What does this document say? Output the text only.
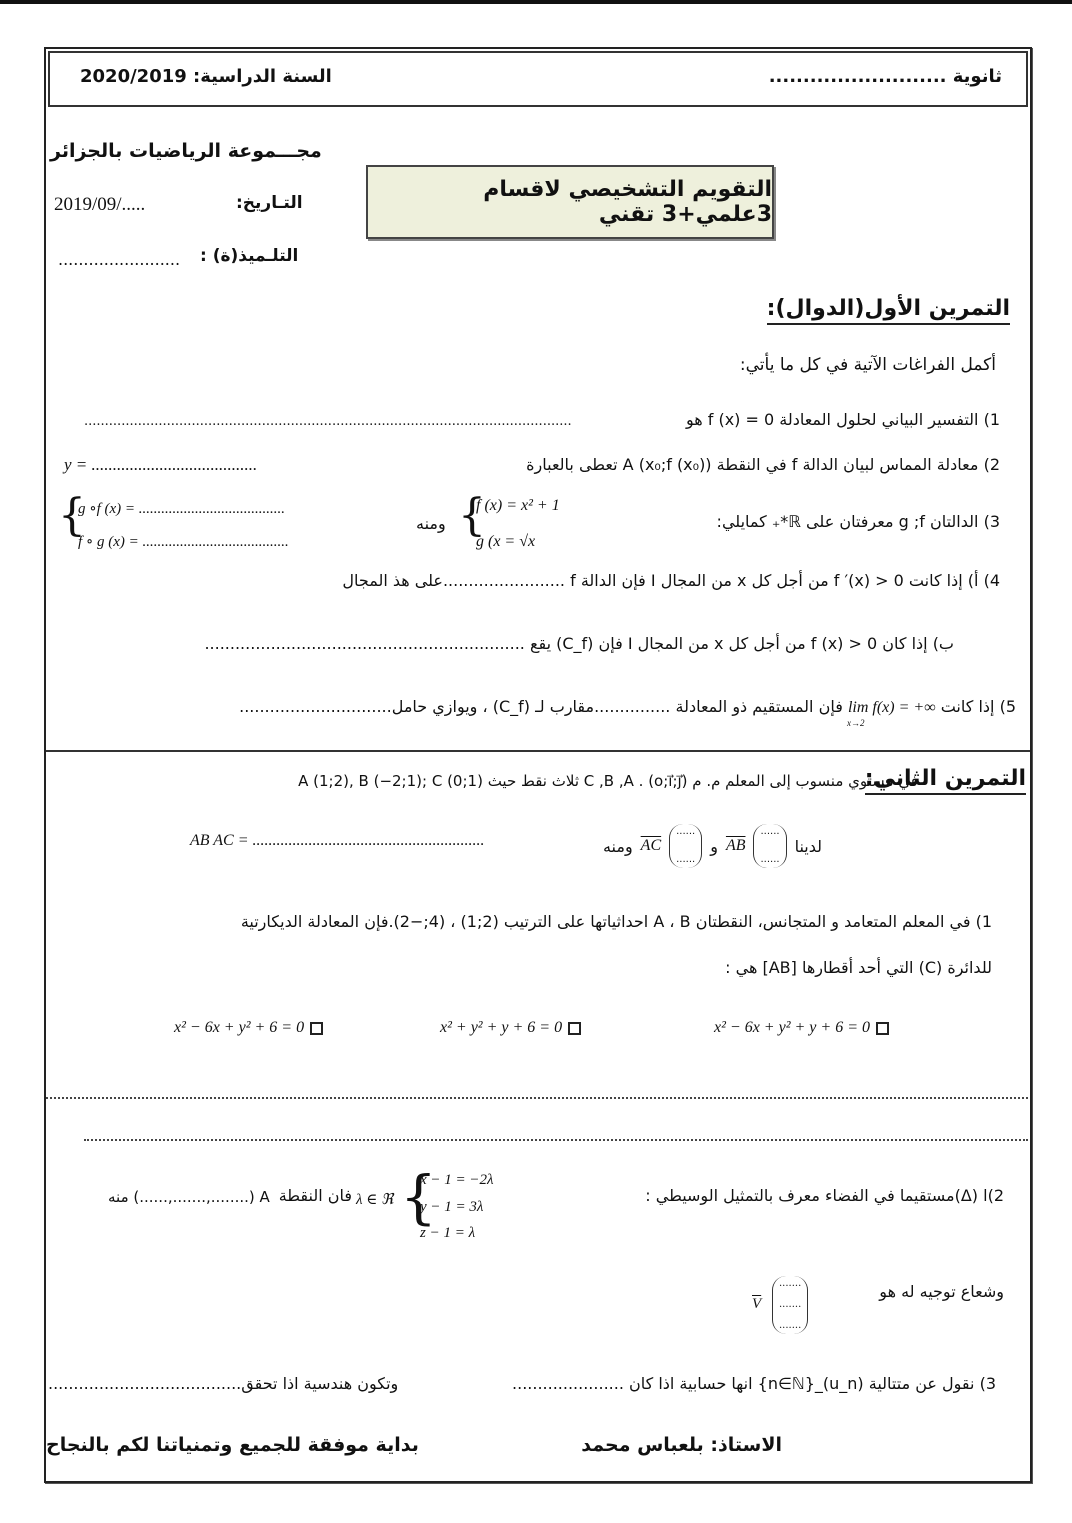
ثانوية ..........................
السنة الدراسية: 2020/2019
مجـــموعة الرياضيات بالجزائر
التـاريخ:
2019/09/.....
التلـميذ(ة) :
........................
التقويم التشخيصي لاقسام 3علمي+3 تقني
التمرين الأول(الدوال):
أكمل الفراغات الآتية في كل ما يأتي:
1) التفسير البياني لحلول المعادلة f (x) = 0 هو
......................................................................................................................
2) معادلة المماس لبيان الدالة f في النقطة A (x₀;f (x₀)) تعطى بالعبارة
y = .......................................
3) الدالتان g ;f معرفتان على ℝ*₊ كمايلي:
{
f (x) = x² + 1
g (x = √x
ومنه
{
g ∘f (x) = .......................................
f ∘ g (x) = .......................................
4) أ) إذا كانت f ′(x) > 0 من أجل كل x من المجال I فإن الدالة f ........................على هذ المجال
ب) إذا كان f (x) > 0 من أجل كل x من المجال I فإن (C_f) يقع ...............................................................
5) إذا كانت lim f(x) = +∞
$^{x\to 2}$ فإن المستقيم ذو المعادلة ...............مقارب لـ (C_f) ، ويوازي حامل..............................
التمرين الثاني:
في مستوي منسوب إلى المعلم م. م (o;i⃗;j⃗) . C ,B ,A ثلاث نقط حيث A (1;2), B (−2;1); C (0;1)
لدينا
......
......
AB
و
......
......
AC
ومنه
AB AC = ..........................................................
1) في المعلم المتعامد و المتجانس، النقطتان A ، B احداثياتها على الترتيب (2;1) ، (4;−2).فإن المعادلة الديكارتية
للدائرة (C) التي أحد أقطارها [AB] هي :
x² − 6x + y² + y + 6 = 0
x² + y² + y + 6 = 0
x² − 6x + y² + 6 = 0
2)ا (Δ)مستقيما في الفضاء معرف بالتمثيل الوسيطي :
{
x − 1 = −2λ
y − 1 = 3λ
z − 1 = λ
λ ∈ ℜ
فان النقطة
A (........,.......,......) منه
وشعاع توجيه له هو
.......
.......
.......
$\overline{V}$
3) نقول عن متتالية (u_n)_{n∈ℕ} انها حسابية اذا كان ......................
وتكون هندسية اذا تحقق......................................
الاستاذ: بلعباس محمد
بداية موفقة للجميع وتمنياتنا لكم بالنجاح
